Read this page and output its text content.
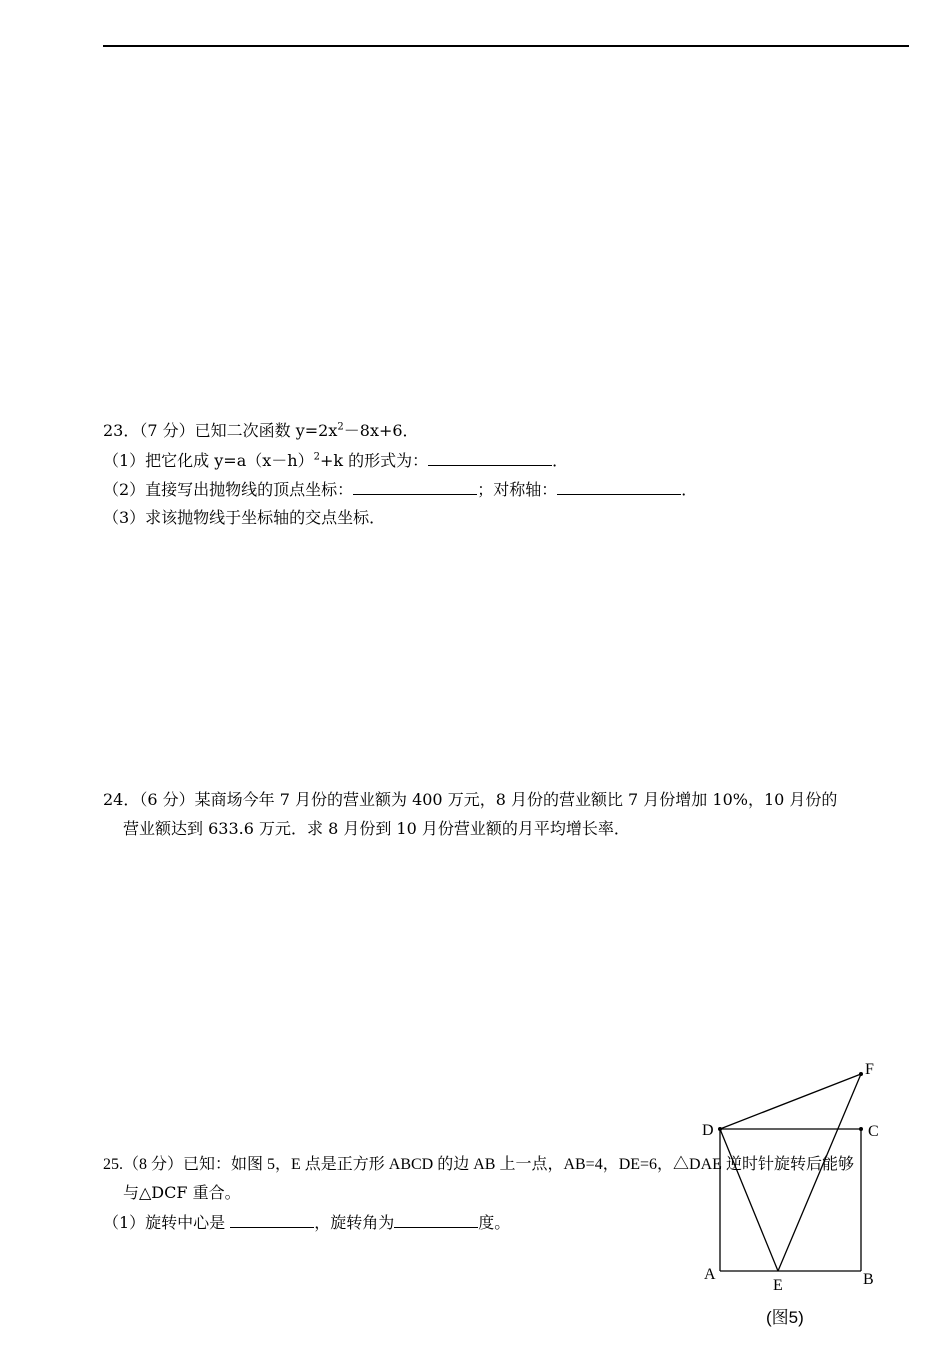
23．（7 分）已知二次函数 $y=2x^2-8x+6$．
（1）把它化成 $y=a(x-h)^2+k$ 的形式为：	．
（2）直接写出抛物线的顶点坐标：	；对称轴：	．
（3）求该抛物线于坐标轴的交点坐标．
24．（6 分）某商场今年 7 月份的营业额为 400 万元，8 月份的营业额比 7 月份增加 10%，10 月份的
营业额达到 633.6 万元．求 8 月份到 10 月份营业额的月平均增长率．
25.（8 分）已知：如图 5，E 点是正方形 ABCD 的边 AB 上一点，AB=4，DE=6，△DAE 逆时针旋转后能够
与△DCF 重合。
（1）旋转中心是	，旋转角为	度。
F
D	C
A
E	B
(图5)
